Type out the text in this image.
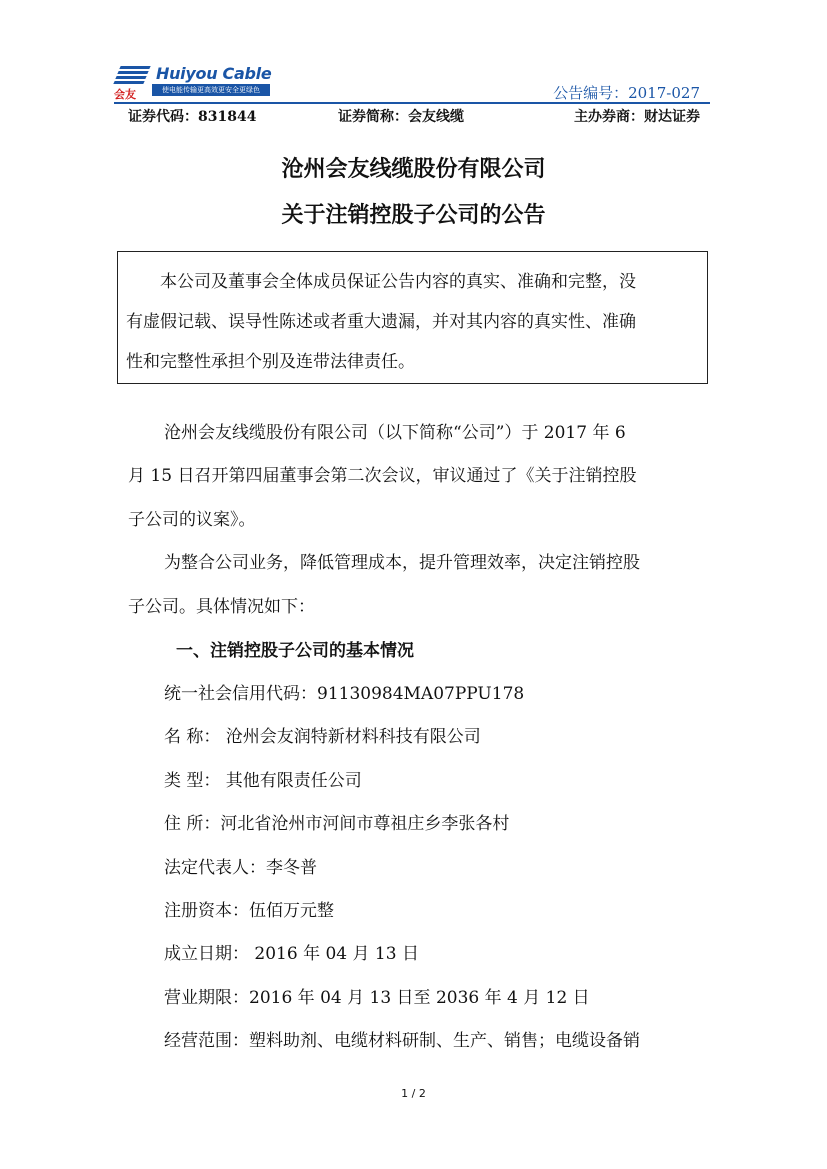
Huiyou Cable
会友	使电能传输更高效更安全更绿色	公告编号：2017-027
证券代码：831844	证券简称：会友线缆	主办券商：财达证券
沧州会友线缆股份有限公司
关于注销控股子公司的公告
本公司及董事会全体成员保证公告内容的真实、准确和完整，没
有虚假记载、误导性陈述或者重大遗漏，并对其内容的真实性、准确
性和完整性承担个别及连带法律责任。
沧州会友线缆股份有限公司（以下简称“公司”）于 2017 年 6
月 15 日召开第四届董事会第二次会议，审议通过了《关于注销控股
子公司的议案》。
为整合公司业务，降低管理成本，提升管理效率，决定注销控股
子公司。具体情况如下：
一、注销控股子公司的基本情况
统一社会信用代码：91130984MA07PPU178
名 称： 沧州会友润特新材料科技有限公司
类 型： 其他有限责任公司
住 所：河北省沧州市河间市尊祖庄乡李张各村
法定代表人：李冬普
注册资本：伍佰万元整
成立日期： 2016 年 04 月 13 日
营业期限：2016 年 04 月 13 日至 2036 年 4 月 12 日
经营范围：塑料助剂、电缆材料研制、生产、销售；电缆设备销
1 / 2
